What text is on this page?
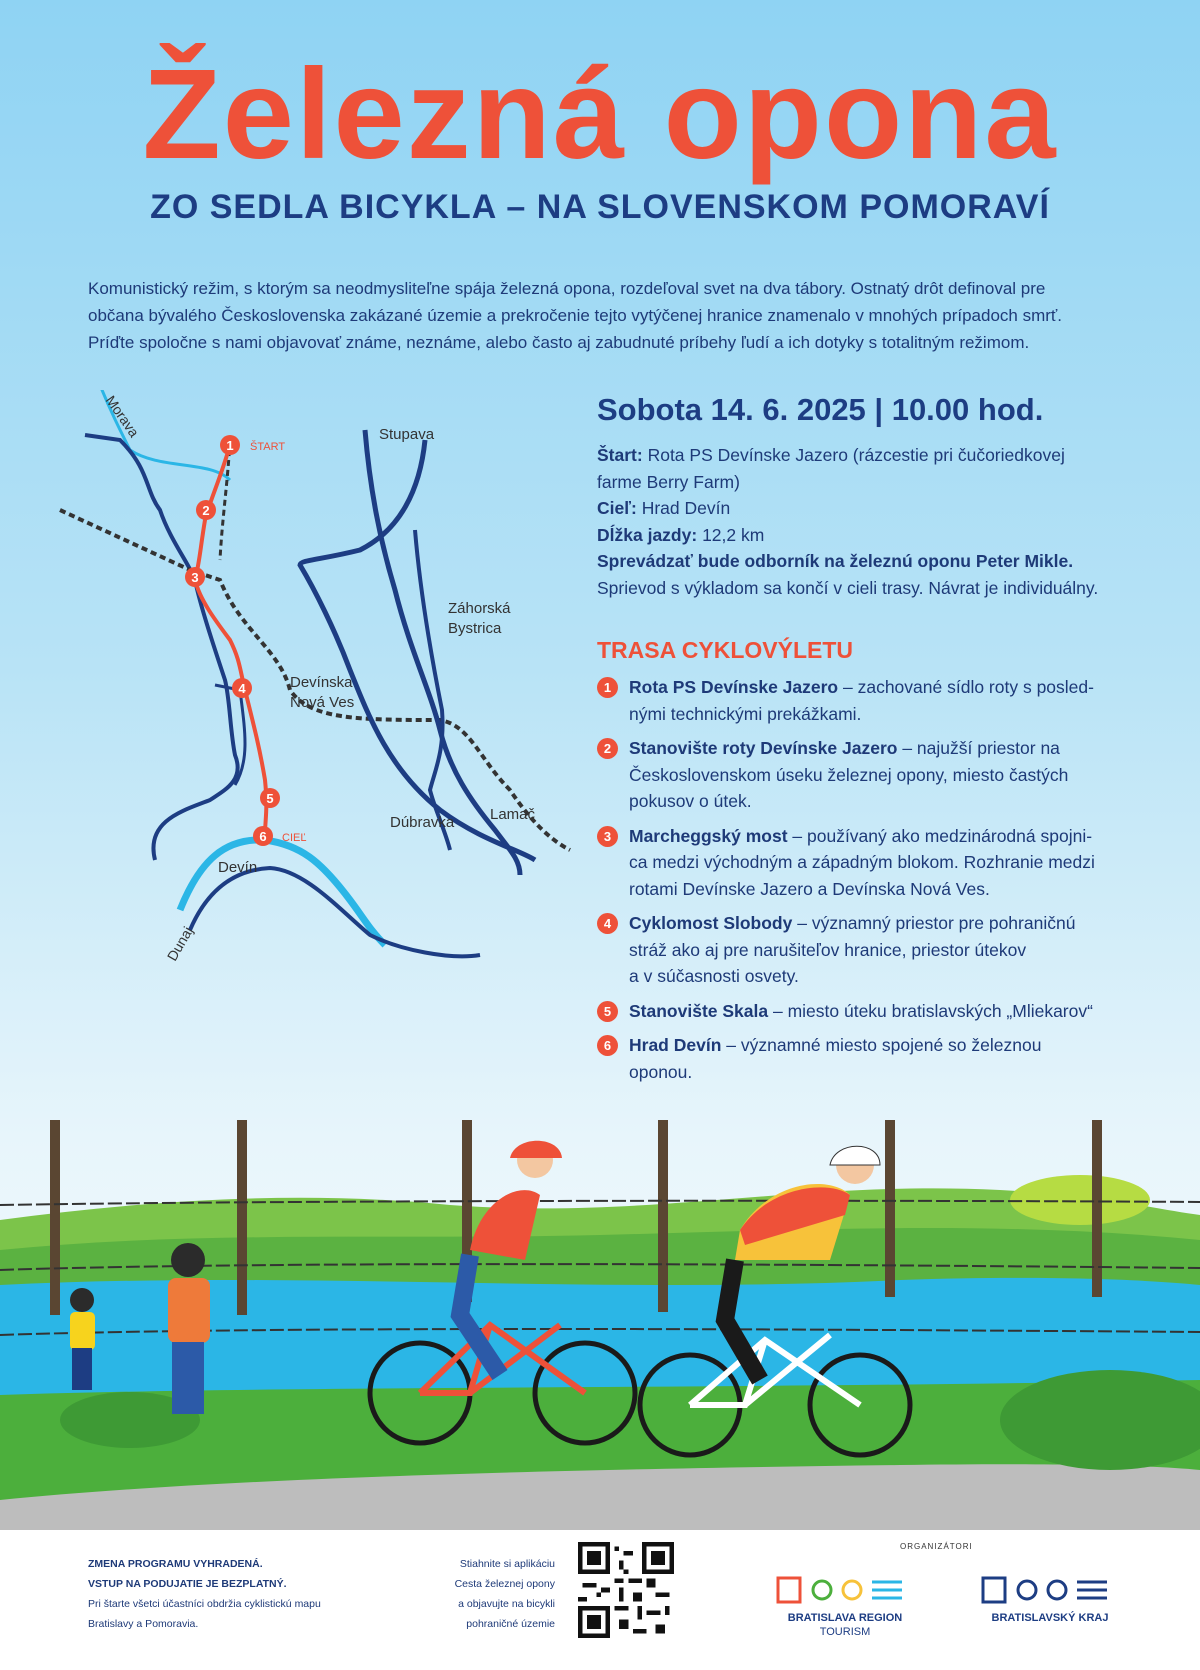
Železná opona
ZO SEDLA BICYKLA – NA SLOVENSKOM POMORAVÍ
Komunistický režim, s ktorým sa neodmysliteľne spája železná opona, rozdeľoval svet na dva tábory. Ostnatý drôt definoval pre
občana bývalého Československa zakázané územie a prekročenie tejto vytýčenej hranice znamenalo v mnohých prípadoch smrť.
Príďte spoločne s nami objavovať známe, neznáme, alebo často aj zabudnuté príbehy ľudí a ich dotyky s totalitným režimom.
1
2
3
4
5
6
Morava
Dunaj
ŠTART
CIEĽ
Stupava
Záhorská
Bystrica
Devínska
Nová Ves
Dúbravka Lamač
Devín
Sobota 14. 6. 2025 | 10.00 hod.
Štart: Rota PS Devínske Jazero (rázcestie pri čučoriedkovej
farme Berry Farm)
Cieľ: Hrad Devín
Dĺžka jazdy: 12,2 km
Sprevádzať bude odborník na železnú oponu Peter Mikle.
Sprievod s výkladom sa končí v cieli trasy. Návrat je individuálny.
TRASA CYKLOVÝLETU
1	Rota PS Devínske Jazero – zachované sídlo roty s posled-
nými technickými prekážkami.
2	Stanovište roty Devínske Jazero – najužší priestor na
Československom úseku železnej opony, miesto častých
pokusov o útek.
3	Marcheggský most – používaný ako medzinárodná spojni-
ca medzi východným a západným blokom. Rozhranie medzi
rotami Devínske Jazero a Devínska Nová Ves.
4	Cyklomost Slobody – významný priestor pre pohraničnú
stráž ako aj pre narušiteľov hranice, priestor útekov
a v súčasnosti osvety.
5	Stanovište Skala – miesto úteku bratislavských „Mliekarov“
6	Hrad Devín – významné miesto spojené so železnou
oponou.
ZMENA PROGRAMU VYHRADENÁ.
VSTUP NA PODUJATIE JE BEZPLATNÝ.
Pri štarte všetci účastníci obdržia cyklistickú mapu
Bratislavy a Pomoravia.
Stiahnite si aplikáciu
Cesta železnej opony
a objavujte na bicykli
pohraničné územie
ORGANIZÁTORI
BRATISLAVA REGION
TOURISM
BRATISLAVSKÝ KRAJ
